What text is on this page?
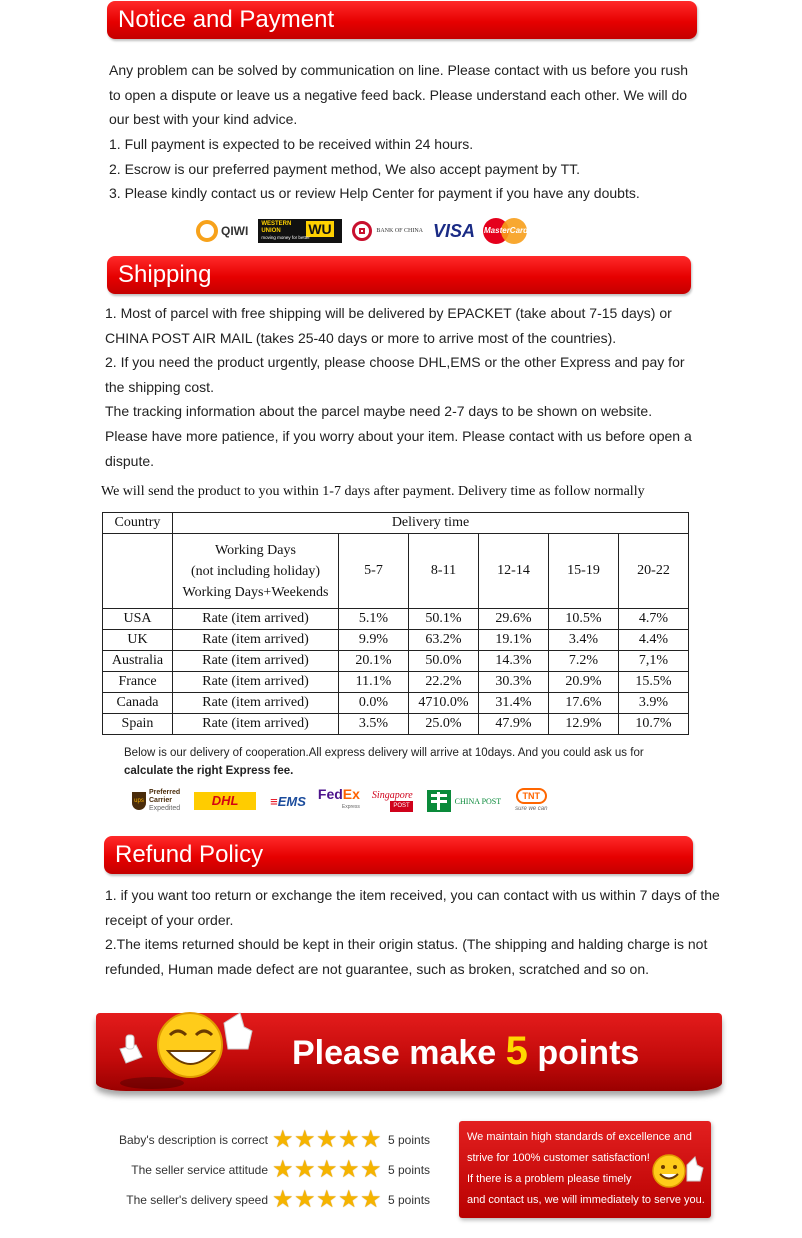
Notice and Payment

Any problem can be solved by communication on line. Please contact with us before you rush

to open a dispute or leave us a negative feed back. Please understand each other. We will do

our best with your kind advice.

1. Full payment is expected to be received within 24 hours.

2. Escrow is our preferred payment method, We also accept payment by TT.

3. Please kindly contact us or review Help Center for payment if you have any doubts.

QIWI WESTERN UNION	WU
moving money for better
BANK OF CHINA VISA MasterCard
Shipping

1. Most of parcel with free shipping will be delivered by EPACKET (take about 7-15 days) or

CHINA POST AIR MAIL (takes 25-40 days or more to arrive most of the countries).

2. If you need the product urgently, please choose DHL,EMS or the other Express and pay for

the shipping cost.

The tracking information about the parcel maybe need 2-7 days to be shown on website.

Please have more patience, if you worry about your item. Please contact with us before open a

dispute.

We will send the product to you within 1-7 days after payment. Delivery time as follow normally
Country	Delivery time					

	Working Days
(not including holiday)
Working Days+Weekends	5-7	8-11	12-14	15-19	20-22
USA	Rate (item arrived)	5.1%	50.1%	29.6%	10.5%	4.7%
UK	Rate (item arrived)	9.9%	63.2%	19.1%	3.4%	4.4%
Australia	Rate (item arrived)	20.1%	50.0%	14.3%	7.2%	7,1%
France	Rate (item arrived)	11.1%	22.2%	30.3%	20.9%	15.5%
Canada	Rate (item arrived)	0.0%	4710.0%	31.4%	17.6%	3.9%
Spain	Rate (item arrived)	3.5%	25.0%	47.9%	12.9%	10.7%
Below is our delivery of cooperation.All express delivery will arrive at 10days. And you could ask us for
calculate the right Express fee.
ups
Preferred
Carrier
Expedited
DHL	≡EMS FedEx
Express
Singapore
POST
CHINA POST	TNT
sure we can
Refund Policy

1. if you want too return or exchange the item received, you can contact with us within 7 days of the

receipt of your order.

2.The items returned should be kept in their origin status. (The shipping and halding charge is not

refunded, Human made defect are not guarantee, such as broken, scratched and so on.

Please make 5 points
Baby's description is correct ★ ★ ★ ★ ★ 5 points
The seller service attitude ★ ★ ★ ★ ★ 5 points
The seller's delivery speed ★ ★ ★ ★ ★ 5 points
We maintain high standards of excellence and
strive for 100% customer satisfaction!
If there is a problem please timely
and contact us, we will immediately to serve you.
